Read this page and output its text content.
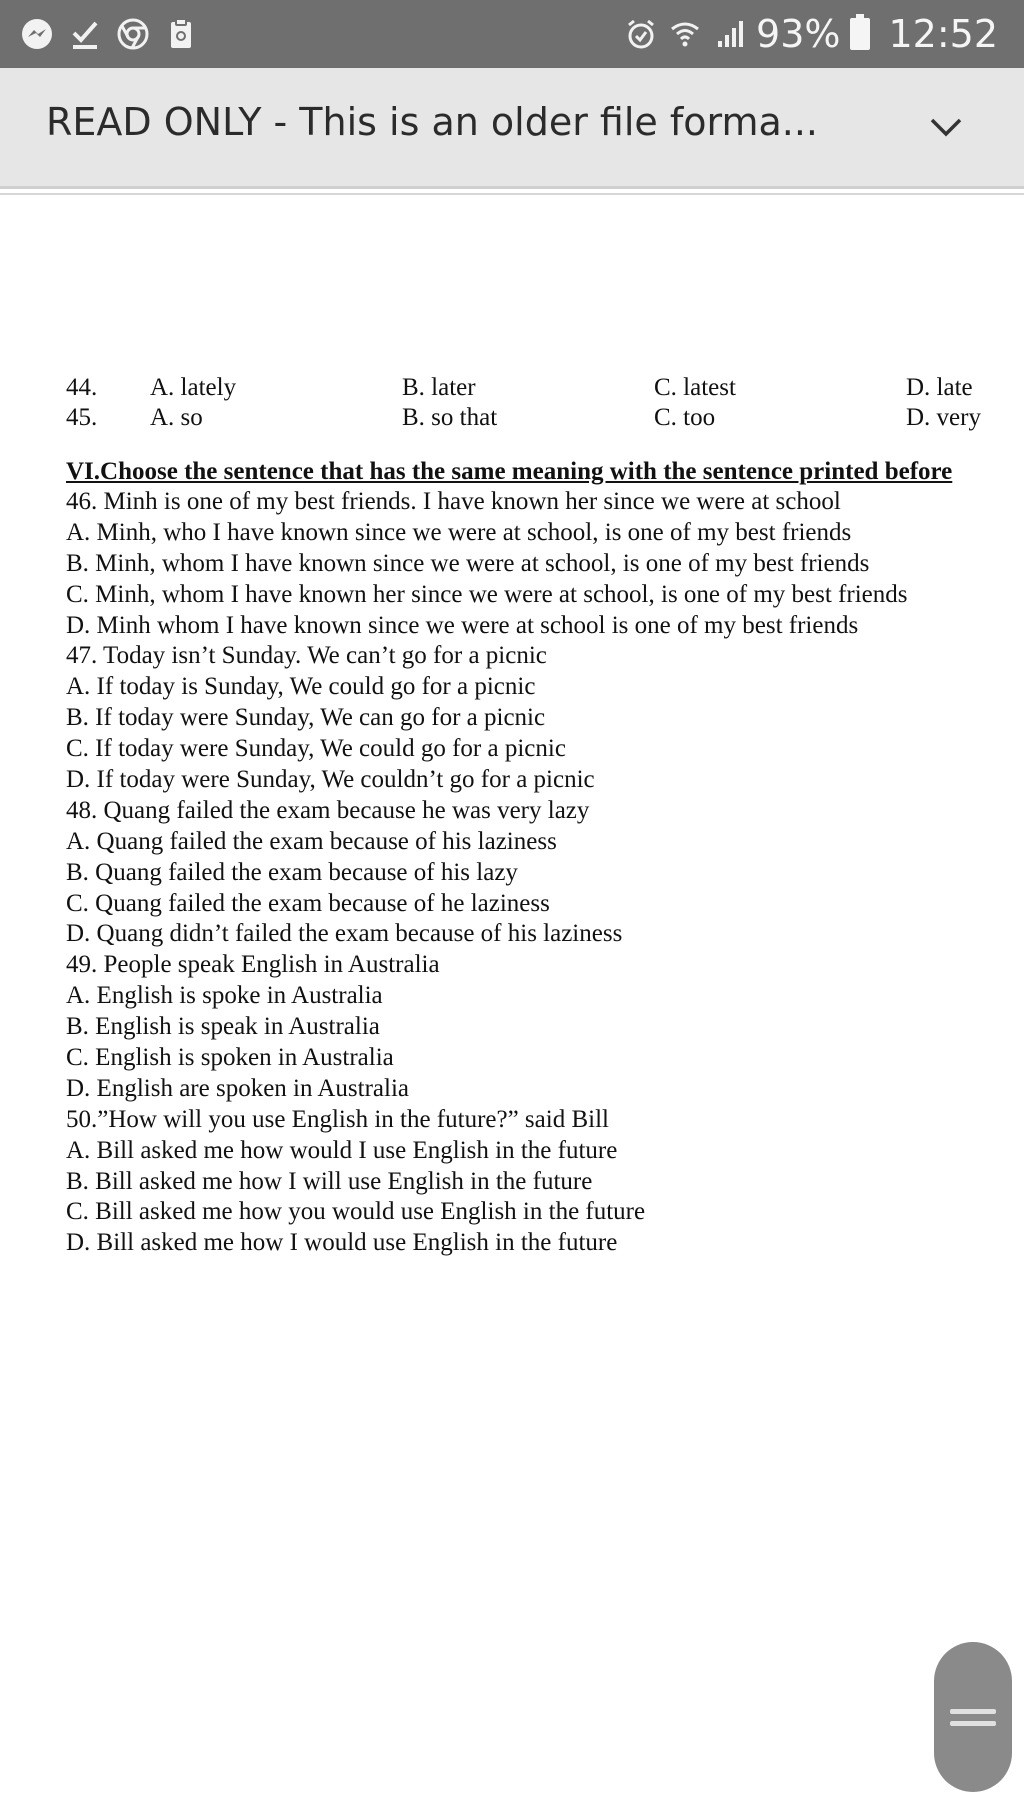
93% 12:52
READ ONLY - This is an older file forma...
44. A. lately	B. later	C. latest	D. late
45. A. so	B. so that	C. too	D. very
VI.Choose the sentence that has the same meaning with the sentence printed before
46. Minh is one of my best friends. I have known her since we were at school
A. Minh, who I have known since we were at school, is one of my best friends
B. Minh, whom I have known since we were at school, is one of my best friends
C. Minh, whom I have known her since we were at school, is one of my best friends
D. Minh whom I have known since we were at school is one of my best friends
47. Today isn’t Sunday. We can’t go for a picnic
A. If today is Sunday, We could go for a picnic
B. If today were Sunday, We can go for a picnic
C. If today were Sunday, We could go for a picnic
D. If today were Sunday, We couldn’t go for a picnic
48. Quang failed the exam because he was very lazy
A. Quang failed the exam because of his laziness
B. Quang failed the exam because of his lazy
C. Quang failed the exam because of he laziness
D. Quang didn’t failed the exam because of his laziness
49. People speak English in Australia
A. English is spoke in Australia
B. English is speak in Australia
C. English is spoken in Australia
D. English are spoken in Australia
50.”How will you use English in the future?” said Bill
A. Bill asked me how would I use English in the future
B. Bill asked me how I will use English in the future
C. Bill asked me how you would use English in the future
D. Bill asked me how I would use English in the future
